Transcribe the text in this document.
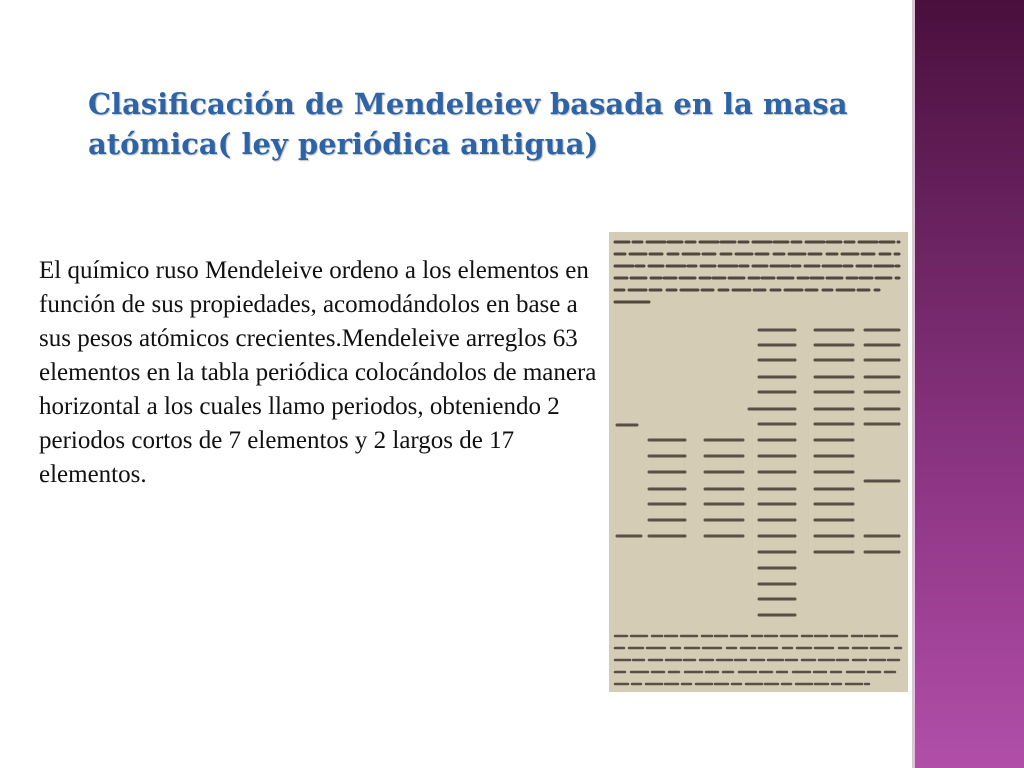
Clasificación de Mendeleiev basada en la masa atómica( ley periódica antigua)

El químico ruso Mendeleive ordeno a los elementos en función de sus propiedades, acomodándolos en base a sus pesos atómicos crecientes.Mendeleive arreglos 63 elementos en la tabla periódica colocándolos de manera horizontal a los cuales llamo periodos, obteniendo 2 periodos cortos de 7 elementos y 2 largos de 17 elementos.
